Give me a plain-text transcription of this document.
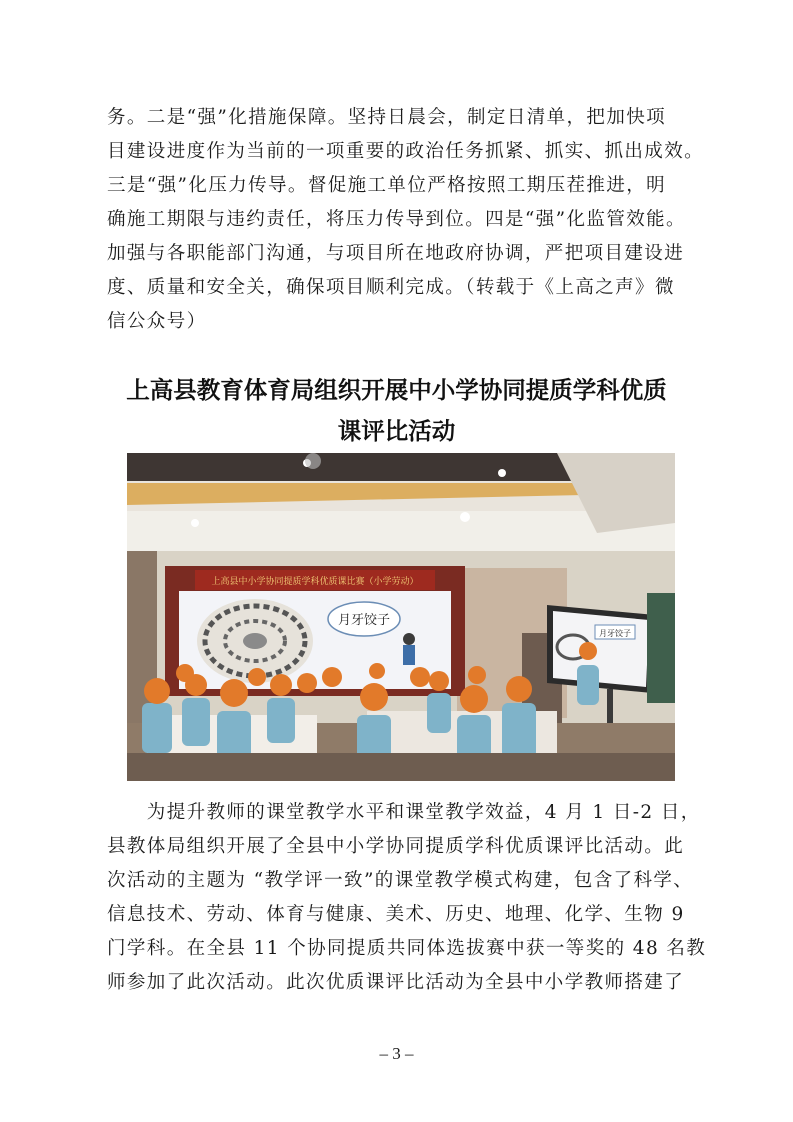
务。二是“强”化措施保障。坚持日晨会，制定日清单，把加快项
目建设进度作为当前的一项重要的政治任务抓紧、抓实、抓出成效。
三是“强”化压力传导。督促施工单位严格按照工期压茬推进，明
确施工期限与违约责任，将压力传导到位。四是“强”化监管效能。
加强与各职能部门沟通，与项目所在地政府协调，严把项目建设进
度、质量和安全关，确保项目顺利完成。（转载于《上高之声》微
信公众号）

上高县教育体育局组织开展中小学协同提质学科优质
课评比活动
上高县中小学协同提质学科优质课比赛（小学劳动）
月牙饺子
月牙饺子

　　为提升教师的课堂教学水平和课堂教学效益，4 月 1 日-2 日，
县教体局组织开展了全县中小学协同提质学科优质课评比活动。此
次活动的主题为 “教学评一致”的课堂教学模式构建，包含了科学、
信息技术、劳动、体育与健康、美术、历史、地理、化学、生物 9
门学科。在全县 11 个协同提质共同体选拔赛中获一等奖的 48 名教
师参加了此次活动。此次优质课评比活动为全县中小学教师搭建了

– 3 –
